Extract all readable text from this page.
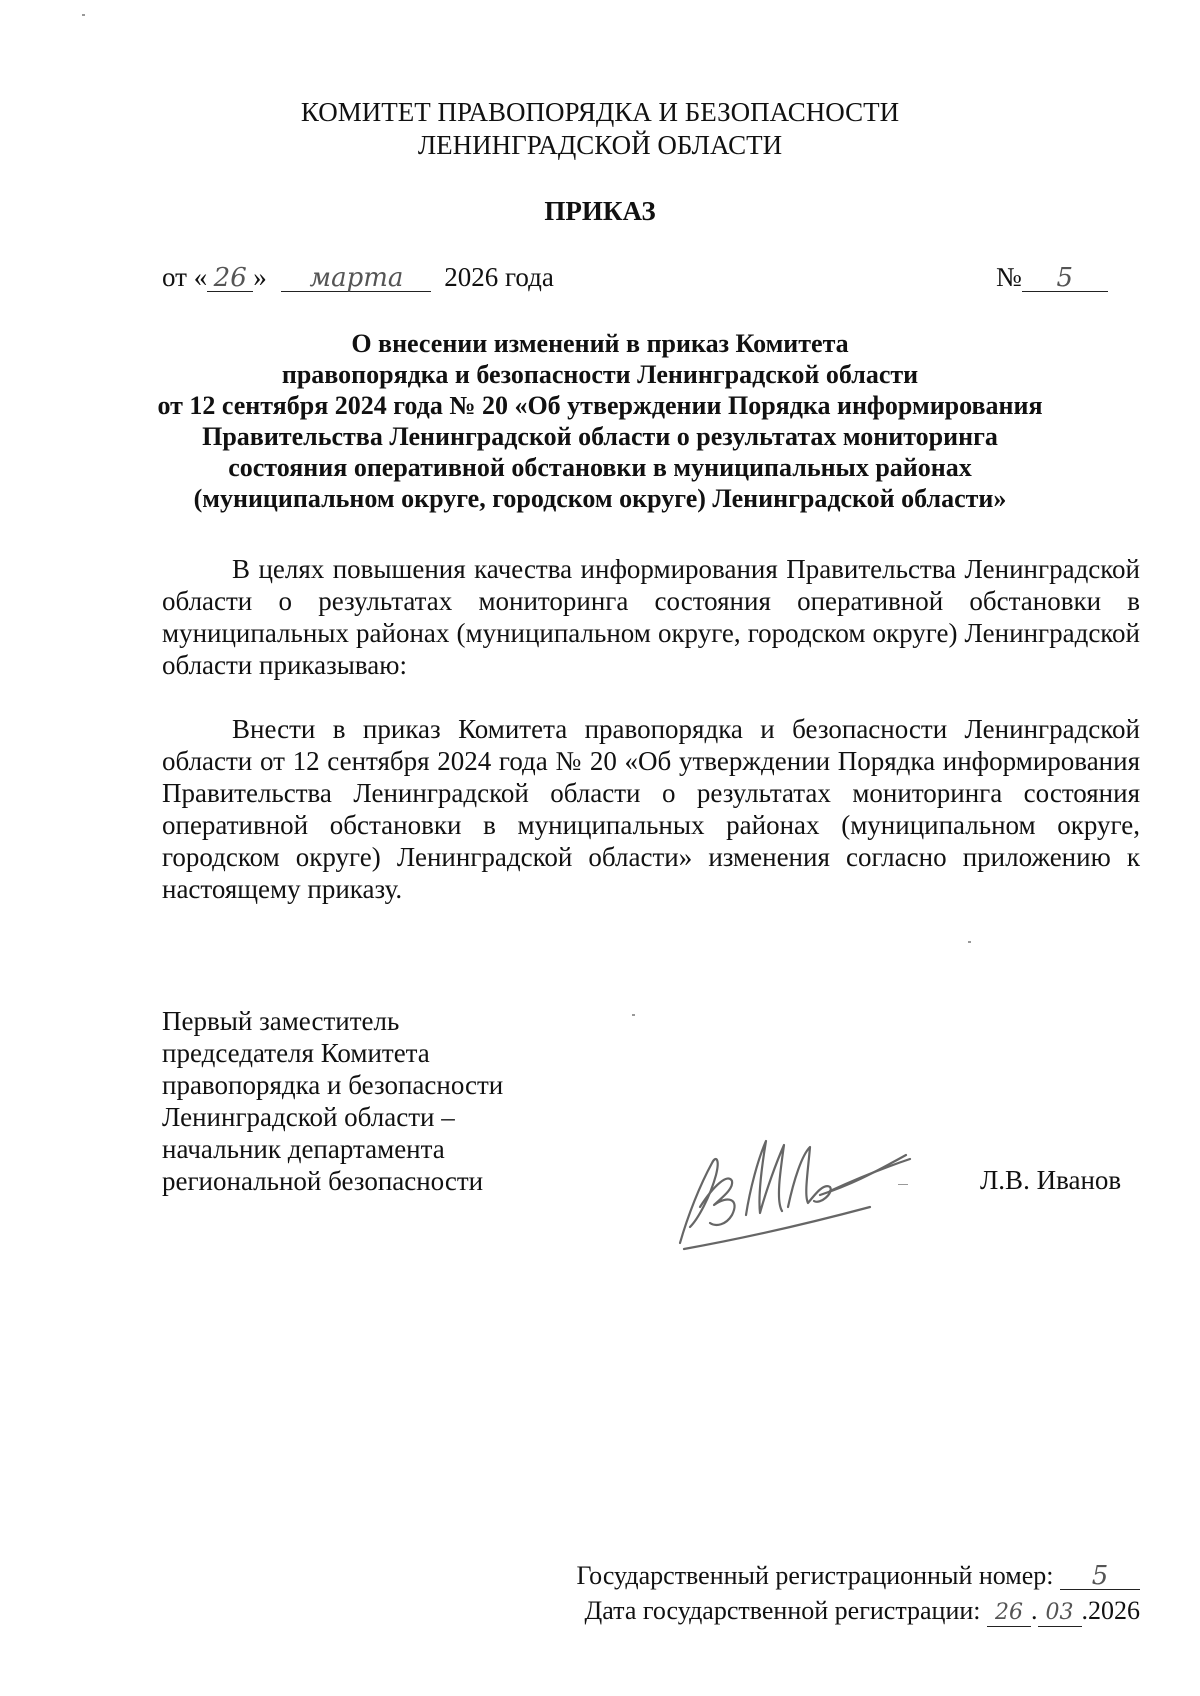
КОМИТЕТ ПРАВОПОРЯДКА И БЕЗОПАСНОСТИ
ЛЕНИНГРАДСКОЙ ОБЛАСТИ
ПРИКАЗ
от « 26 » марта 2026 года	№ 5
О внесении изменений в приказ Комитета
правопорядка и безопасности Ленинградской области
от 12 сентября 2024 года № 20 «Об утверждении Порядка информирования
Правительства Ленинградской области о результатах мониторинга
состояния оперативной обстановки в муниципальных районах
(муниципальном округе, городском округе) Ленинградской области»

В целях повышения качества информирования Правительства Ленинградской области о результатах мониторинга состояния оперативной обстановки в муниципальных районах (муниципальном округе, городском округе) Ленинградской области приказываю:

Внести в приказ Комитета правопорядка и безопасности Ленинградской области от 12 сентября 2024 года № 20 «Об утверждении Порядка информирования Правительства Ленинградской области о результатах мониторинга состояния оперативной обстановки в муниципальных районах (муниципальном округе, городском округе) Ленинградской области» изменения согласно приложению к настоящему приказу.

Первый заместитель
председателя Комитета
правопорядка и безопасности
Ленинградской области –
начальник департамента
региональной безопасности	Л.В. Иванов
Государственный регистрационный номер: 5
Дата государственной регистрации: 26 . 03 .2026
